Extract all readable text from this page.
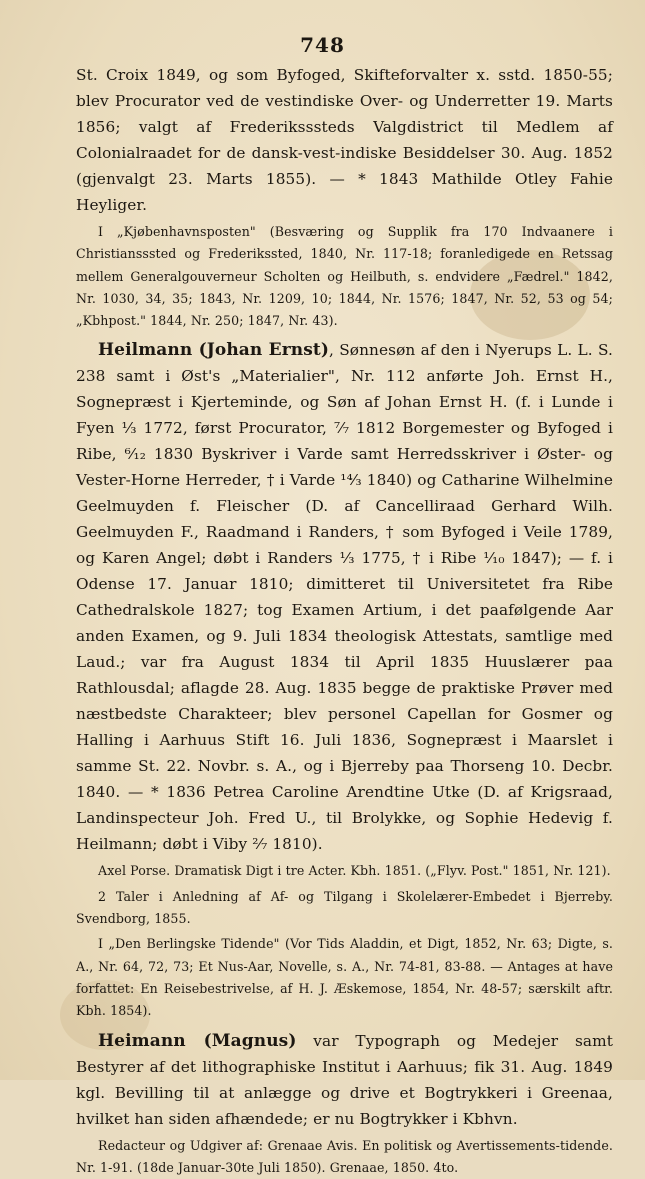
748

St. Croix 1849, og som Byfoged, Skifteforvalter x. sstd. 1850-55; blev Procurator ved de vestindiske Over- og Underretter 19. Marts 1856; valgt af Frederiksssteds Valgdistrict til Medlem af Colonialraadet for de dansk-vest-indiske Besiddelser 30. Aug. 1852 (gjenvalgt 23. Marts 1855). — * 1843 Mathilde Otley Fahie Heyliger.

I „Kjøbenhavnsposten" (Besværing og Supplik fra 170 Indvaanere i Christiansssted og Frederikssted, 1840, Nr. 117-18; foranledigede en Retssag mellem Generalgouverneur Scholten og Heilbuth, s. endvidere „Fædrel." 1842, Nr. 1030, 34, 35; 1843, Nr. 1209, 10; 1844, Nr. 1576; 1847, Nr. 52, 53 og 54; „Kbhpost." 1844, Nr. 250; 1847, Nr. 43).

Heilmann (Johan Ernst), Sønnesøn af den i Nyerups L. L. S. 238 samt i Øst's „Materialier", Nr. 112 anførte Joh. Ernst H., Sognepræst i Kjerteminde, og Søn af Johan Ernst H. (f. i Lunde i Fyen ¹⁄₃ 1772, først Procurator, ⁷⁄₇ 1812 Borgemester og Byfoged i Ribe, ⁶⁄₁₂ 1830 Byskriver i Varde samt Herredsskriver i Øster- og Vester-Horne Herreder, † i Varde ¹⁴⁄₃ 1840) og Catharine Wilhelmine Geelmuyden f. Fleischer (D. af Cancelliraad Gerhard Wilh. Geelmuyden F., Raadmand i Randers, † som Byfoged i Veile 1789, og Karen Angel; døbt i Randers ¹⁄₃ 1775, † i Ribe ¹⁄₁₀ 1847); — f. i Odense 17. Januar 1810; dimitteret til Universitetet fra Ribe Cathedralskole 1827; tog Examen Artium, i det paafølgende Aar anden Examen, og 9. Juli 1834 theologisk Attestats, samtlige med Laud.; var fra August 1834 til April 1835 Huuslærer paa Rathlousdal; aflagde 28. Aug. 1835 begge de praktiske Prøver med næstbedste Charakteer; blev personel Capellan for Gosmer og Halling i Aarhuus Stift 16. Juli 1836, Sognepræst i Maarslet i samme St. 22. Novbr. s. A., og i Bjerreby paa Thorseng 10. Decbr. 1840. — * 1836 Petrea Caroline Arendtine Utke (D. af Krigsraad, Landinspecteur Joh. Fred U., til Brolykke, og Sophie Hedevig f. Heilmann; døbt i Viby ²⁄₇ 1810).

Axel Porse. Dramatisk Digt i tre Acter. Kbh. 1851. („Flyv. Post." 1851, Nr. 121).

2 Taler i Anledning af Af- og Tilgang i Skolelærer-Embedet i Bjerreby. Svendborg, 1855.

I „Den Berlingske Tidende" (Vor Tids Aladdin, et Digt, 1852, Nr. 63; Digte, s. A., Nr. 64, 72, 73; Et Nus-Aar, Novelle, s. A., Nr. 74-81, 83-88. — Antages at have forfattet: En Reisebestrivelse, af H. J. Æskemose, 1854, Nr. 48-57; særskilt aftr. Kbh. 1854).

Heimann (Magnus) var Typograph og Medejer samt Bestyrer af det lithographiske Institut i Aarhuus; fik 31. Aug. 1849 kgl. Bevilling til at anlægge og drive et Bogtrykkeri i Greenaa, hvilket han siden afhændede; er nu Bogtrykker i Kbhvn.

Redacteur og Udgiver af: Grenaae Avis. En politisk og Avertissements-tidende. Nr. 1-91. (18de Januar-30te Juli 1850). Grenaae, 1850. 4to.
